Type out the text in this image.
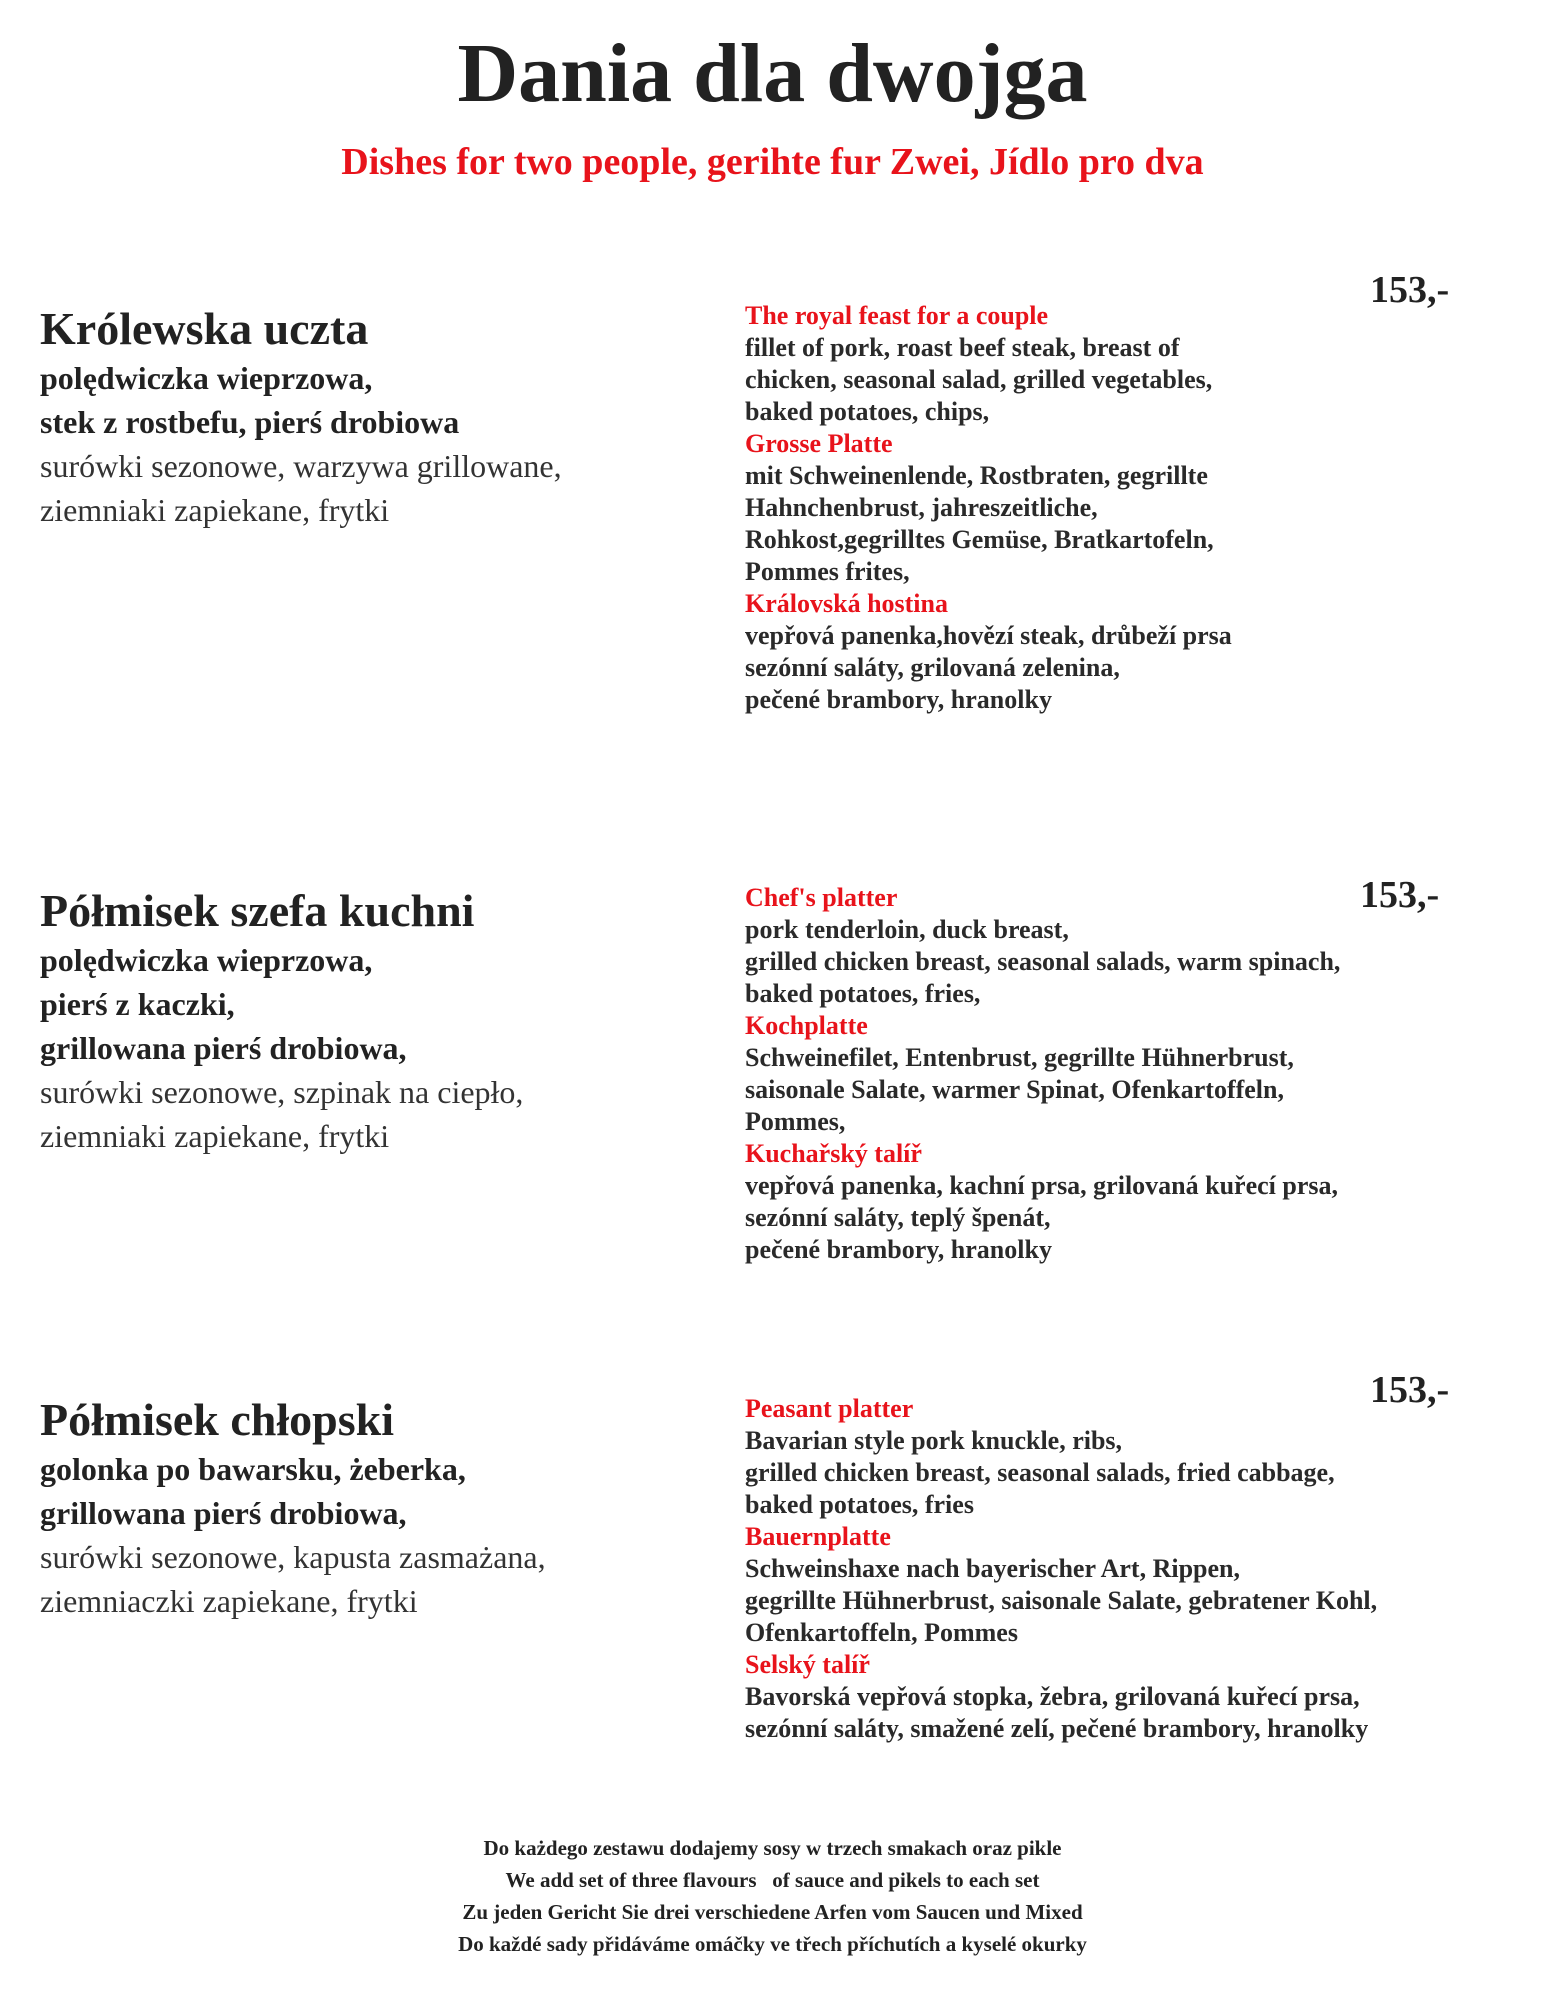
Dania dla dwojga
Dishes for two people, gerihte fur Zwei, Jídlo pro dva
Królewska uczta
polędwiczka wieprzowa,
stek z rostbefu, pierś drobiowa
surówki sezonowe, warzywa grillowane,
ziemniaki zapiekane, frytki
153,-
The royal feast for a couple
fillet of pork, roast beef steak, breast of
chicken, seasonal salad, grilled vegetables,
baked potatoes, chips,
Grosse Platte
mit Schweinenlende, Rostbraten, gegrillte
Hahnchenbrust, jahreszeitliche,
Rohkost,gegrilltes Gemüse, Bratkartofeln,
Pommes frites,
Královská hostina
vepřová panenka,hovězí steak, drůbeží prsa
sezónní saláty, grilovaná zelenina,
pečené brambory, hranolky
Półmisek szefa kuchni
polędwiczka wieprzowa,
pierś z kaczki,
grillowana pierś drobiowa,
surówki sezonowe, szpinak na ciepło,
ziemniaki zapiekane, frytki
153,-
Chef's platter
pork tenderloin, duck breast,
grilled chicken breast, seasonal salads, warm spinach,
baked potatoes, fries,
Kochplatte
Schweinefilet, Entenbrust, gegrillte Hühnerbrust,
saisonale Salate, warmer Spinat, Ofenkartoffeln,
Pommes,
Kuchařský talíř
vepřová panenka, kachní prsa, grilovaná kuřecí prsa,
sezónní saláty, teplý špenát,
pečené brambory, hranolky
Półmisek chłopski
golonka po bawarsku, żeberka,
grillowana pierś drobiowa,
surówki sezonowe, kapusta zasmażana,
ziemniaczki zapiekane, frytki
153,-
Peasant platter
Bavarian style pork knuckle, ribs,
grilled chicken breast, seasonal salads, fried cabbage,
baked potatoes, fries
Bauernplatte
Schweinshaxe nach bayerischer Art, Rippen,
gegrillte Hühnerbrust, saisonale Salate, gebratener Kohl,
Ofenkartoffeln, Pommes
Selský talíř
Bavorská vepřová stopka, žebra, grilovaná kuřecí prsa,
sezónní saláty, smažené zelí, pečené brambory, hranolky
Do każdego zestawu dodajemy sosy w trzech smakach oraz pikle
We add set of three flavours   of sauce and pikels to each set
Zu jeden Gericht Sie drei verschiedene Arfen vom Saucen und Mixed
Do každé sady přidáváme omáčky ve třech příchutích a kyselé okurky
